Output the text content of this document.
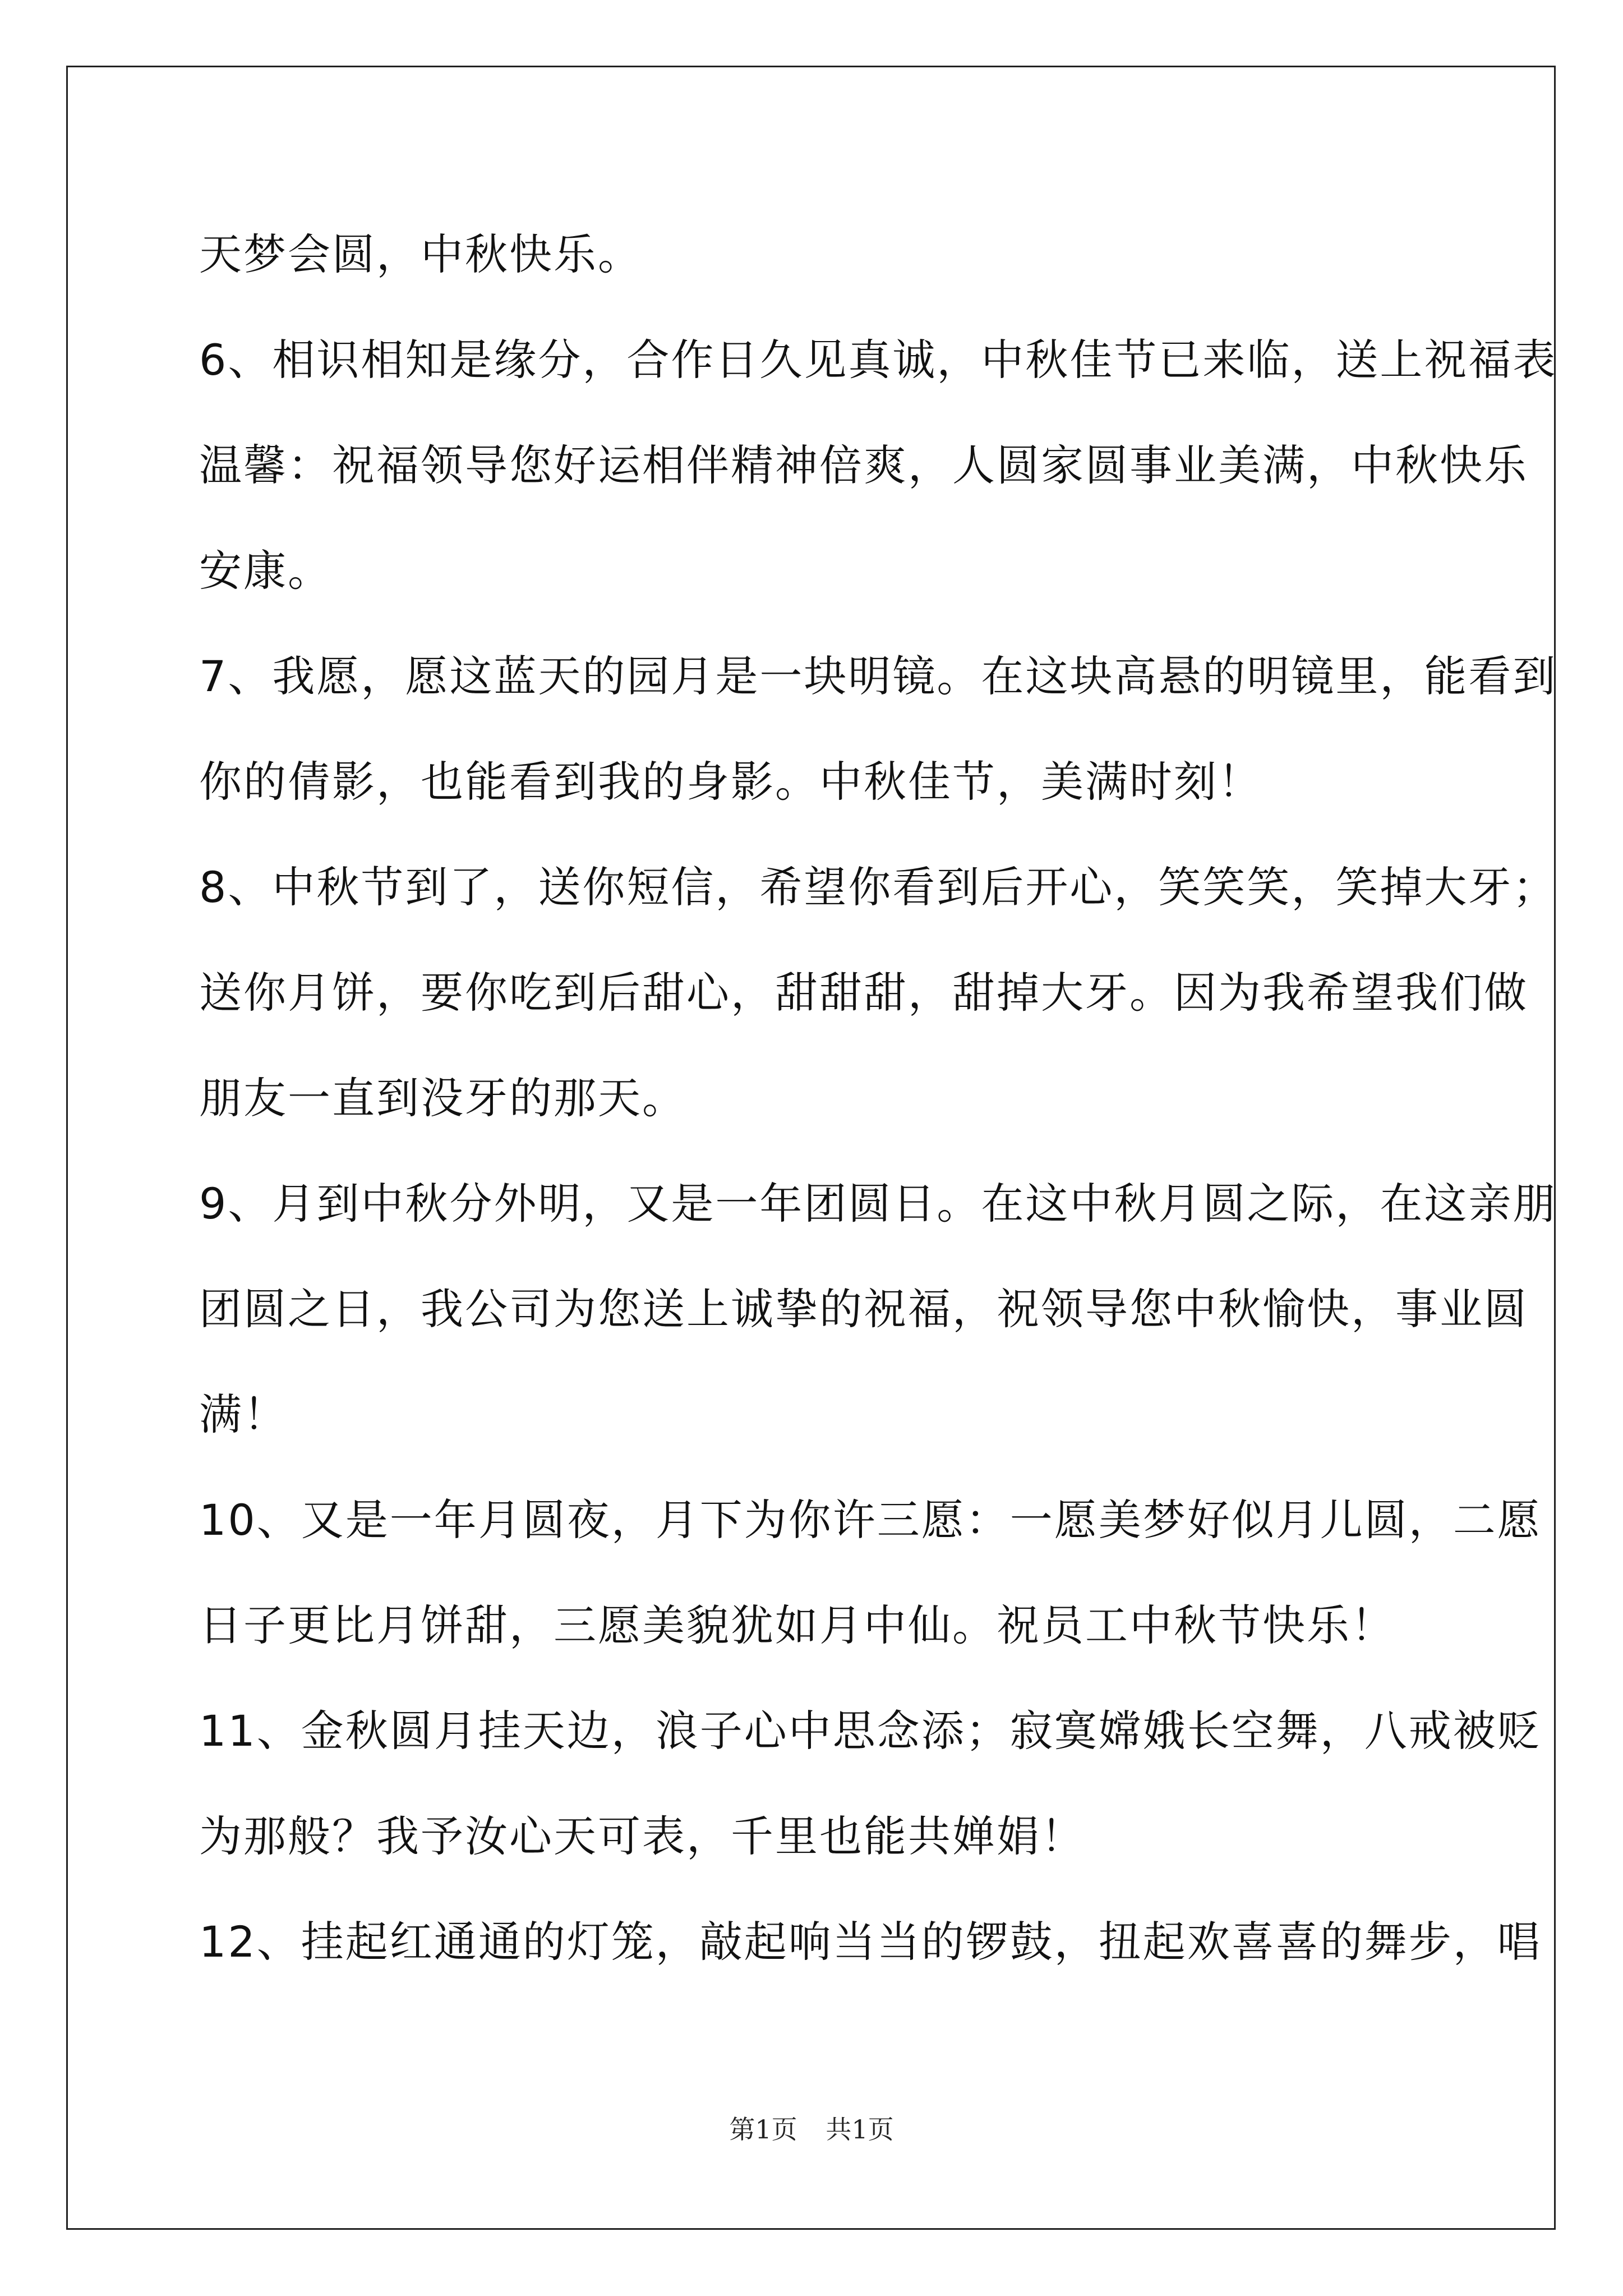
天梦会圆，中秋快乐。
6、相识相知是缘分，合作日久见真诚，中秋佳节已来临，送上祝福表
温馨：祝福领导您好运相伴精神倍爽，人圆家圆事业美满，中秋快乐
安康。
7、我愿，愿这蓝天的园月是一块明镜。在这块高悬的明镜里，能看到
你的倩影，也能看到我的身影。中秋佳节，美满时刻！
8、中秋节到了，送你短信，希望你看到后开心，笑笑笑，笑掉大牙；
送你月饼，要你吃到后甜心，甜甜甜，甜掉大牙。因为我希望我们做
朋友一直到没牙的那天。
9、月到中秋分外明，又是一年团圆日。在这中秋月圆之际，在这亲朋
团圆之日，我公司为您送上诚挚的祝福，祝领导您中秋愉快，事业圆
满！
10、又是一年月圆夜，月下为你许三愿：一愿美梦好似月儿圆，二愿
日子更比月饼甜，三愿美貌犹如月中仙。祝员工中秋节快乐！
11、金秋圆月挂天边，浪子心中思念添；寂寞嫦娥长空舞，八戒被贬
为那般？我予汝心天可表，千里也能共婵娟！
12、挂起红通通的灯笼，敲起响当当的锣鼓，扭起欢喜喜的舞步，唱
第1页 共1页
